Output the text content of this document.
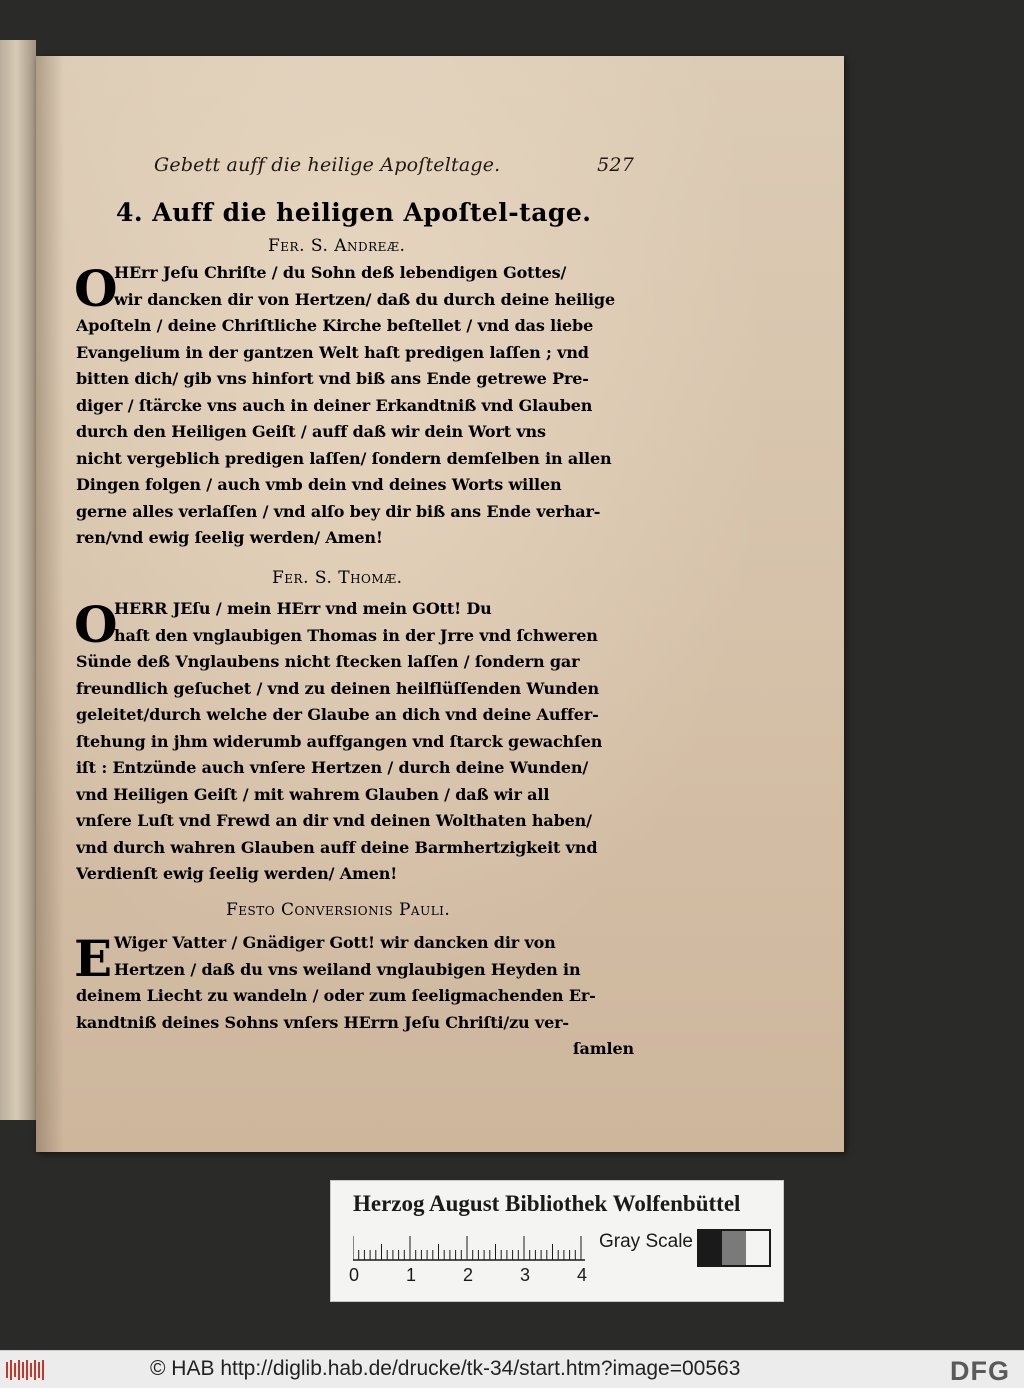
Gebett auff die heilige Apoſteltage.	527
4. Auff die heiligen Apoſtel-tage.
Fer. S. Andreæ.
O
HErr Jeſu Chriſte / du Sohn deß lebendigen Gottes/
wir dancken dir von Hertzen/ daß du durch deine heilige
Apoſteln / deine Chriſtliche Kirche beſtellet / vnd das liebe
Evangelium in der gantzen Welt haſt predigen laſſen ; vnd
bitten dich/ gib vns hinfort vnd biß ans Ende getrewe Pre-
diger / ſtärcke vns auch in deiner Erkandtniß vnd Glauben
durch den Heiligen Geiſt / auff daß wir dein Wort vns
nicht vergeblich predigen laſſen/ ſondern demſelben in allen
Dingen folgen / auch vmb dein vnd deines Worts willen
gerne alles verlaſſen / vnd alſo bey dir biß ans Ende verhar-
ren/vnd ewig ſeelig werden/ Amen!
Fer. S. Thomæ.
O
HERR JEſu / mein HErr vnd mein GOtt! Du
haſt den vnglaubigen Thomas in der Jrre vnd ſchweren
Sünde deß Vnglaubens nicht ſtecken laſſen / ſondern gar
freundlich geſuchet / vnd zu deinen heilflüſſenden Wunden
geleitet/durch welche der Glaube an dich vnd deine Auffer-
ſtehung in jhm widerumb auffgangen vnd ſtarck gewachſen
iſt : Entzünde auch vnſere Hertzen / durch deine Wunden/
vnd Heiligen Geiſt / mit wahrem Glauben / daß wir all
vnſere Luſt vnd Frewd an dir vnd deinen Wolthaten haben/
vnd durch wahren Glauben auff deine Barmhertzigkeit vnd
Verdienſt ewig ſeelig werden/ Amen!
Feſto Converſionis Pauli.
E Wiger Vatter / Gnädiger Gott! wir dancken dir von
Hertzen / daß du vns weiland vnglaubigen Heyden in
deinem Liecht zu wandeln / oder zum ſeeligmachenden Er-
kandtniß deines Sohns vnſers HErrn Jeſu Chriſti/zu ver-
ſamlen
Herzog August Bibliothek Wolfenbüttel
0	1	2	3	4
Gray Scale
© HAB http://diglib.hab.de/drucke/tk-34/start.htm?image=00563	DFG
